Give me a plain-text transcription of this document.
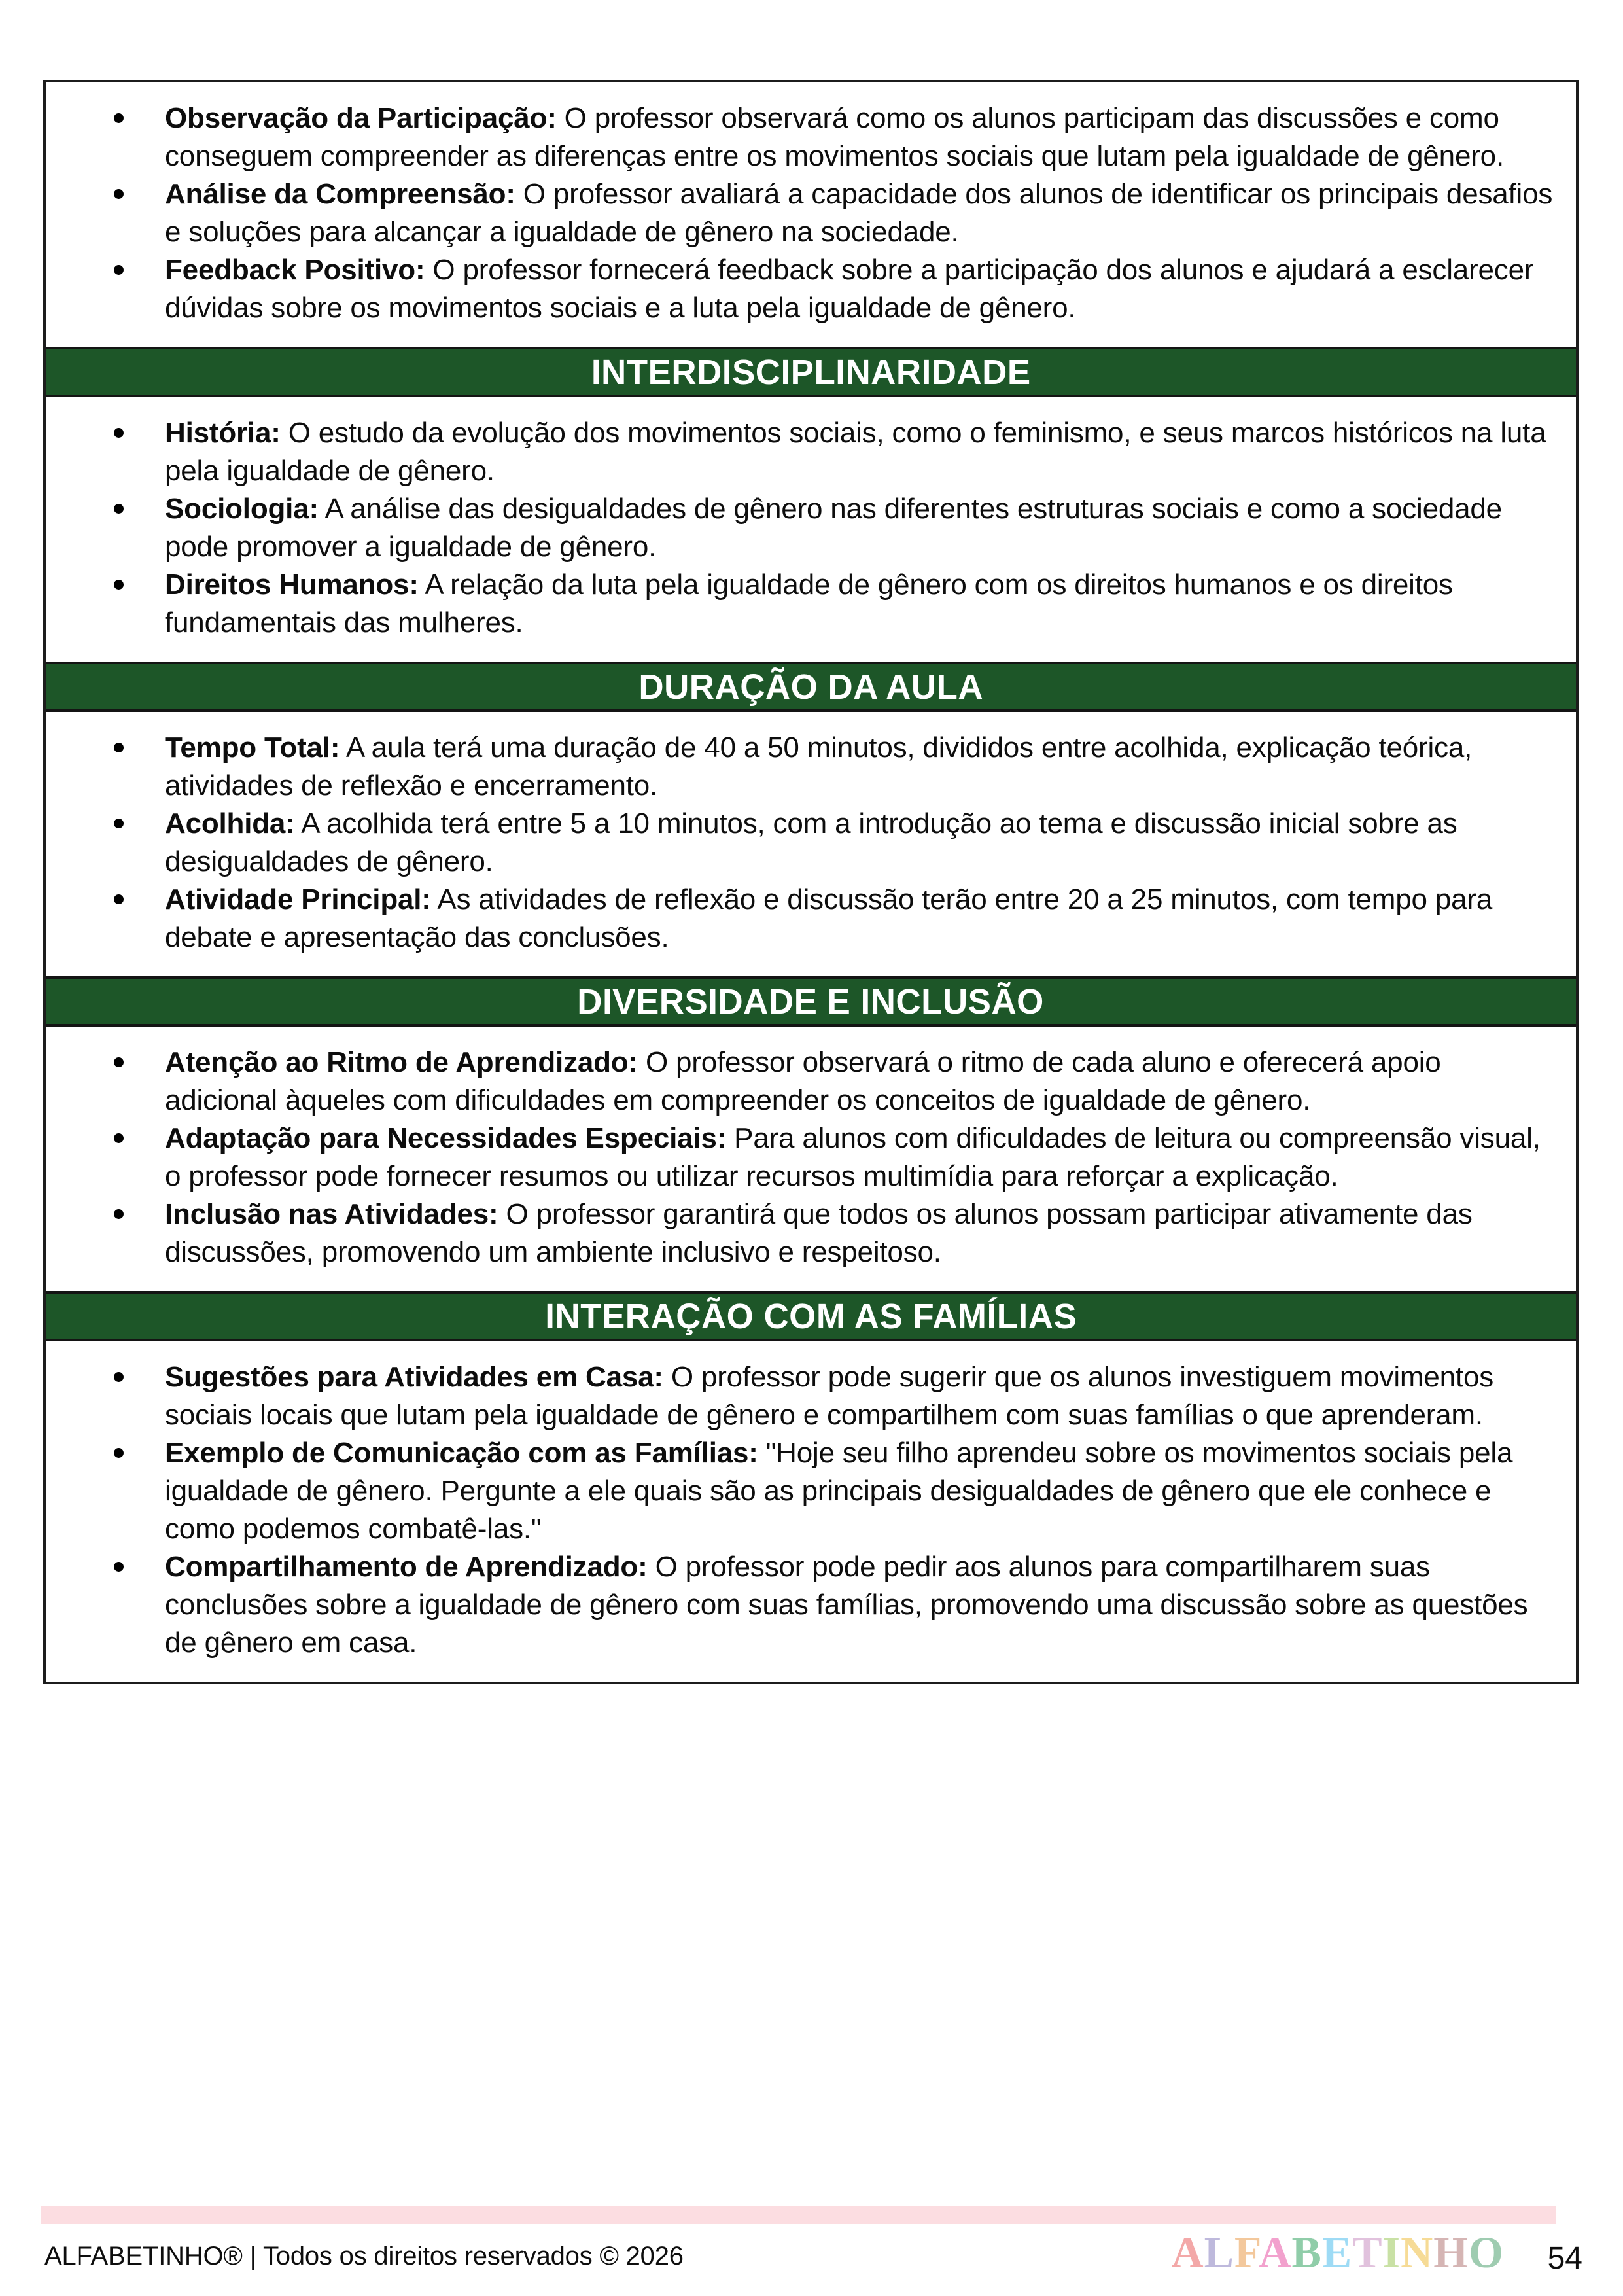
Observação da Participação: O professor observará como os alunos participam das discussões e como conseguem compreender as diferenças entre os movimentos sociais que lutam pela igualdade de gênero.
Análise da Compreensão: O professor avaliará a capacidade dos alunos de identificar os principais desafios e soluções para alcançar a igualdade de gênero na sociedade.
Feedback Positivo: O professor fornecerá feedback sobre a participação dos alunos e ajudará a esclarecer dúvidas sobre os movimentos sociais e a luta pela igualdade de gênero.
INTERDISCIPLINARIDADE
História: O estudo da evolução dos movimentos sociais, como o feminismo, e seus marcos históricos na luta pela igualdade de gênero.
Sociologia: A análise das desigualdades de gênero nas diferentes estruturas sociais e como a sociedade pode promover a igualdade de gênero.
Direitos Humanos: A relação da luta pela igualdade de gênero com os direitos humanos e os direitos fundamentais das mulheres.
DURAÇÃO DA AULA
Tempo Total: A aula terá uma duração de 40 a 50 minutos, divididos entre acolhida, explicação teórica, atividades de reflexão e encerramento.
Acolhida: A acolhida terá entre 5 a 10 minutos, com a introdução ao tema e discussão inicial sobre as desigualdades de gênero.
Atividade Principal: As atividades de reflexão e discussão terão entre 20 a 25 minutos, com tempo para debate e apresentação das conclusões.
DIVERSIDADE E INCLUSÃO
Atenção ao Ritmo de Aprendizado: O professor observará o ritmo de cada aluno e oferecerá apoio adicional àqueles com dificuldades em compreender os conceitos de igualdade de gênero.
Adaptação para Necessidades Especiais: Para alunos com dificuldades de leitura ou compreensão visual, o professor pode fornecer resumos ou utilizar recursos multimídia para reforçar a explicação.
Inclusão nas Atividades: O professor garantirá que todos os alunos possam participar ativamente das discussões, promovendo um ambiente inclusivo e respeitoso.
INTERAÇÃO COM AS FAMÍLIAS
Sugestões para Atividades em Casa: O professor pode sugerir que os alunos investiguem movimentos sociais locais que lutam pela igualdade de gênero e compartilhem com suas famílias o que aprenderam.
Exemplo de Comunicação com as Famílias: "Hoje seu filho aprendeu sobre os movimentos sociais pela igualdade de gênero. Pergunte a ele quais são as principais desigualdades de gênero que ele conhece e como podemos combatê-las."
Compartilhamento de Aprendizado: O professor pode pedir aos alunos para compartilharem suas conclusões sobre a igualdade de gênero com suas famílias, promovendo uma discussão sobre as questões de gênero em casa.
ALFABETINHO® | Todos os direitos reservados © 2026	ALFABETINHO 54
